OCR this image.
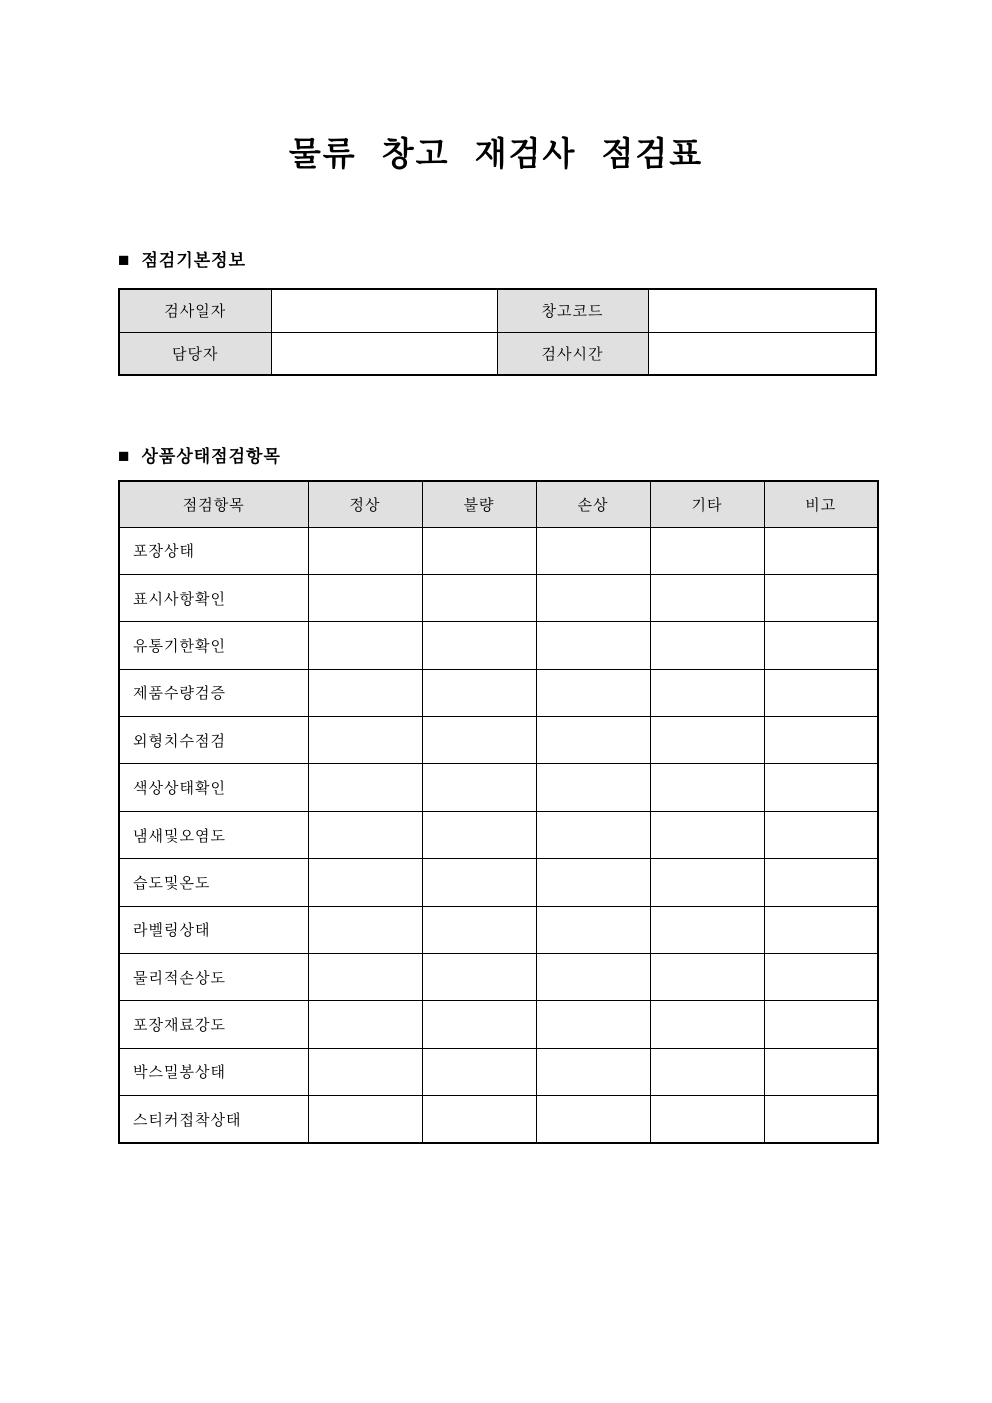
물류 창고 재검사 점검표
■ 점검기본정보
검사일자		창고코드	
담당자		검사시간	
■ 상품상태점검항목
점검항목	정상	불량	손상	기타	비고
포장상태					
표시사항확인					
유통기한확인					
제품수량검증					
외형치수점검					
색상상태확인					
냄새및오염도					
습도및온도					
라벨링상태					
물리적손상도					
포장재료강도					
박스밀봉상태					
스티커접착상태					
